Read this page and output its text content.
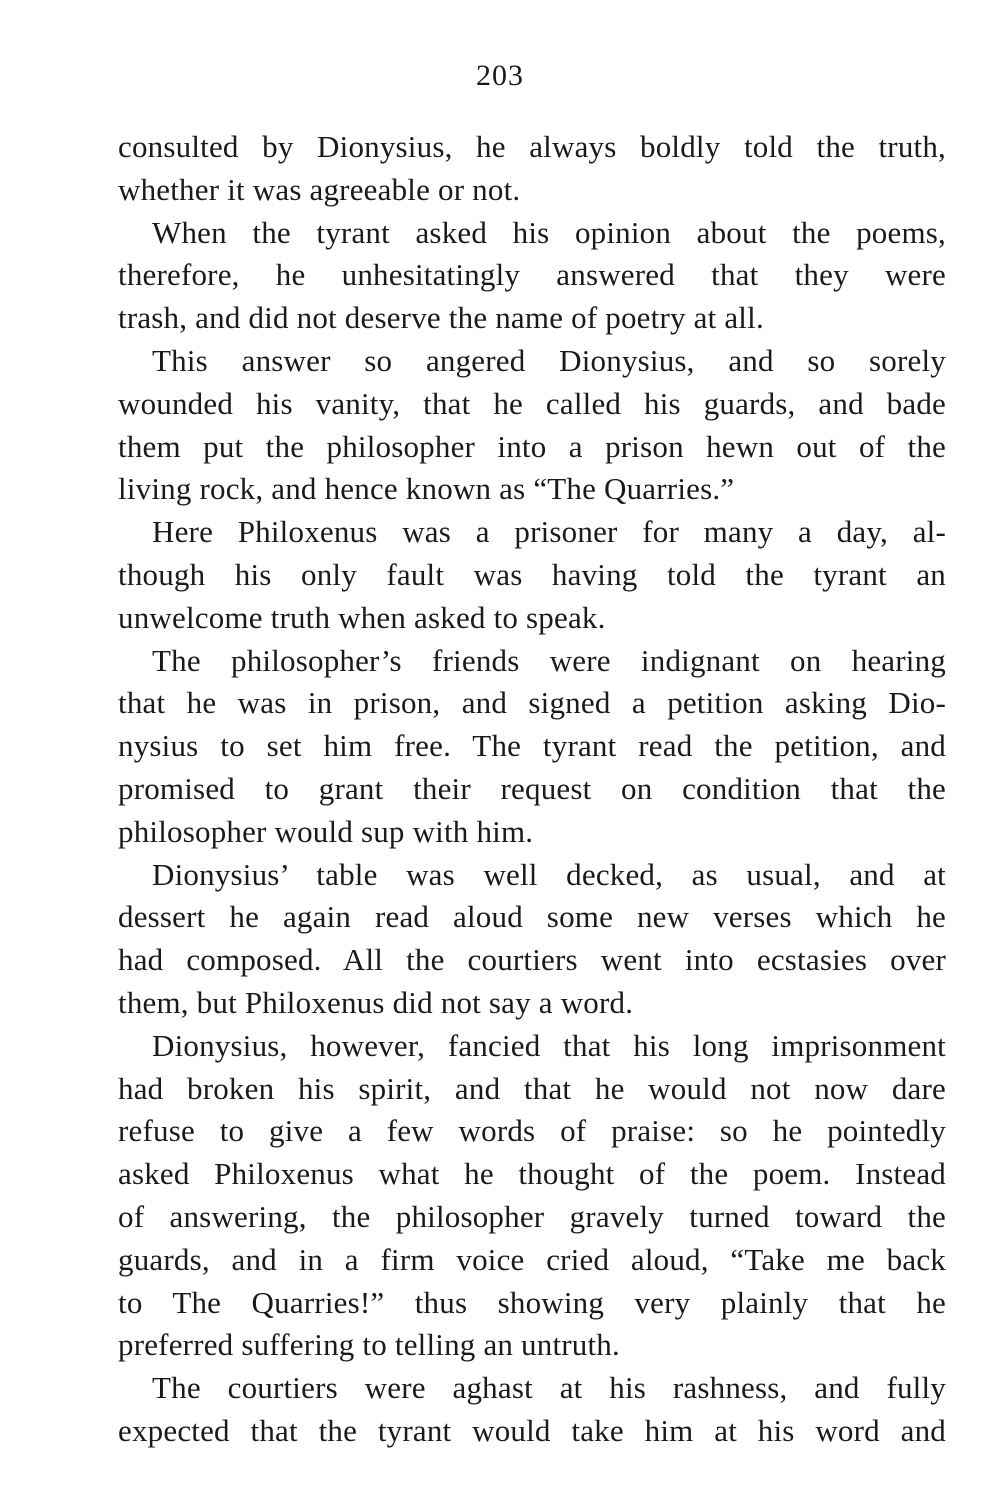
203
consulted by Dionysius, he always boldly told the truth,
whether it was agreeable or not.
When the tyrant asked his opinion about the poems,
therefore, he unhesitatingly answered that they were
trash, and did not deserve the name of poetry at all.
This answer so angered Dionysius, and so sorely
wounded his vanity, that he called his guards, and bade
them put the philosopher into a prison hewn out of the
living rock, and hence known as “The Quarries.”
Here Philoxenus was a prisoner for many a day, al-
though his only fault was having told the tyrant an
unwelcome truth when asked to speak.
The philosopher’s friends were indignant on hearing
that he was in prison, and signed a petition asking Dio-
nysius to set him free. The tyrant read the petition, and
promised to grant their request on condition that the
philosopher would sup with him.
Dionysius’ table was well decked, as usual, and at
dessert he again read aloud some new verses which he
had composed. All the courtiers went into ecstasies over
them, but Philoxenus did not say a word.
Dionysius, however, fancied that his long imprisonment
had broken his spirit, and that he would not now dare
refuse to give a few words of praise: so he pointedly
asked Philoxenus what he thought of the poem. Instead
of answering, the philosopher gravely turned toward the
guards, and in a firm voice cried aloud, “Take me back
to The Quarries!” thus showing very plainly that he
preferred suffering to telling an untruth.
The courtiers were aghast at his rashness, and fully
expected that the tyrant would take him at his word and
